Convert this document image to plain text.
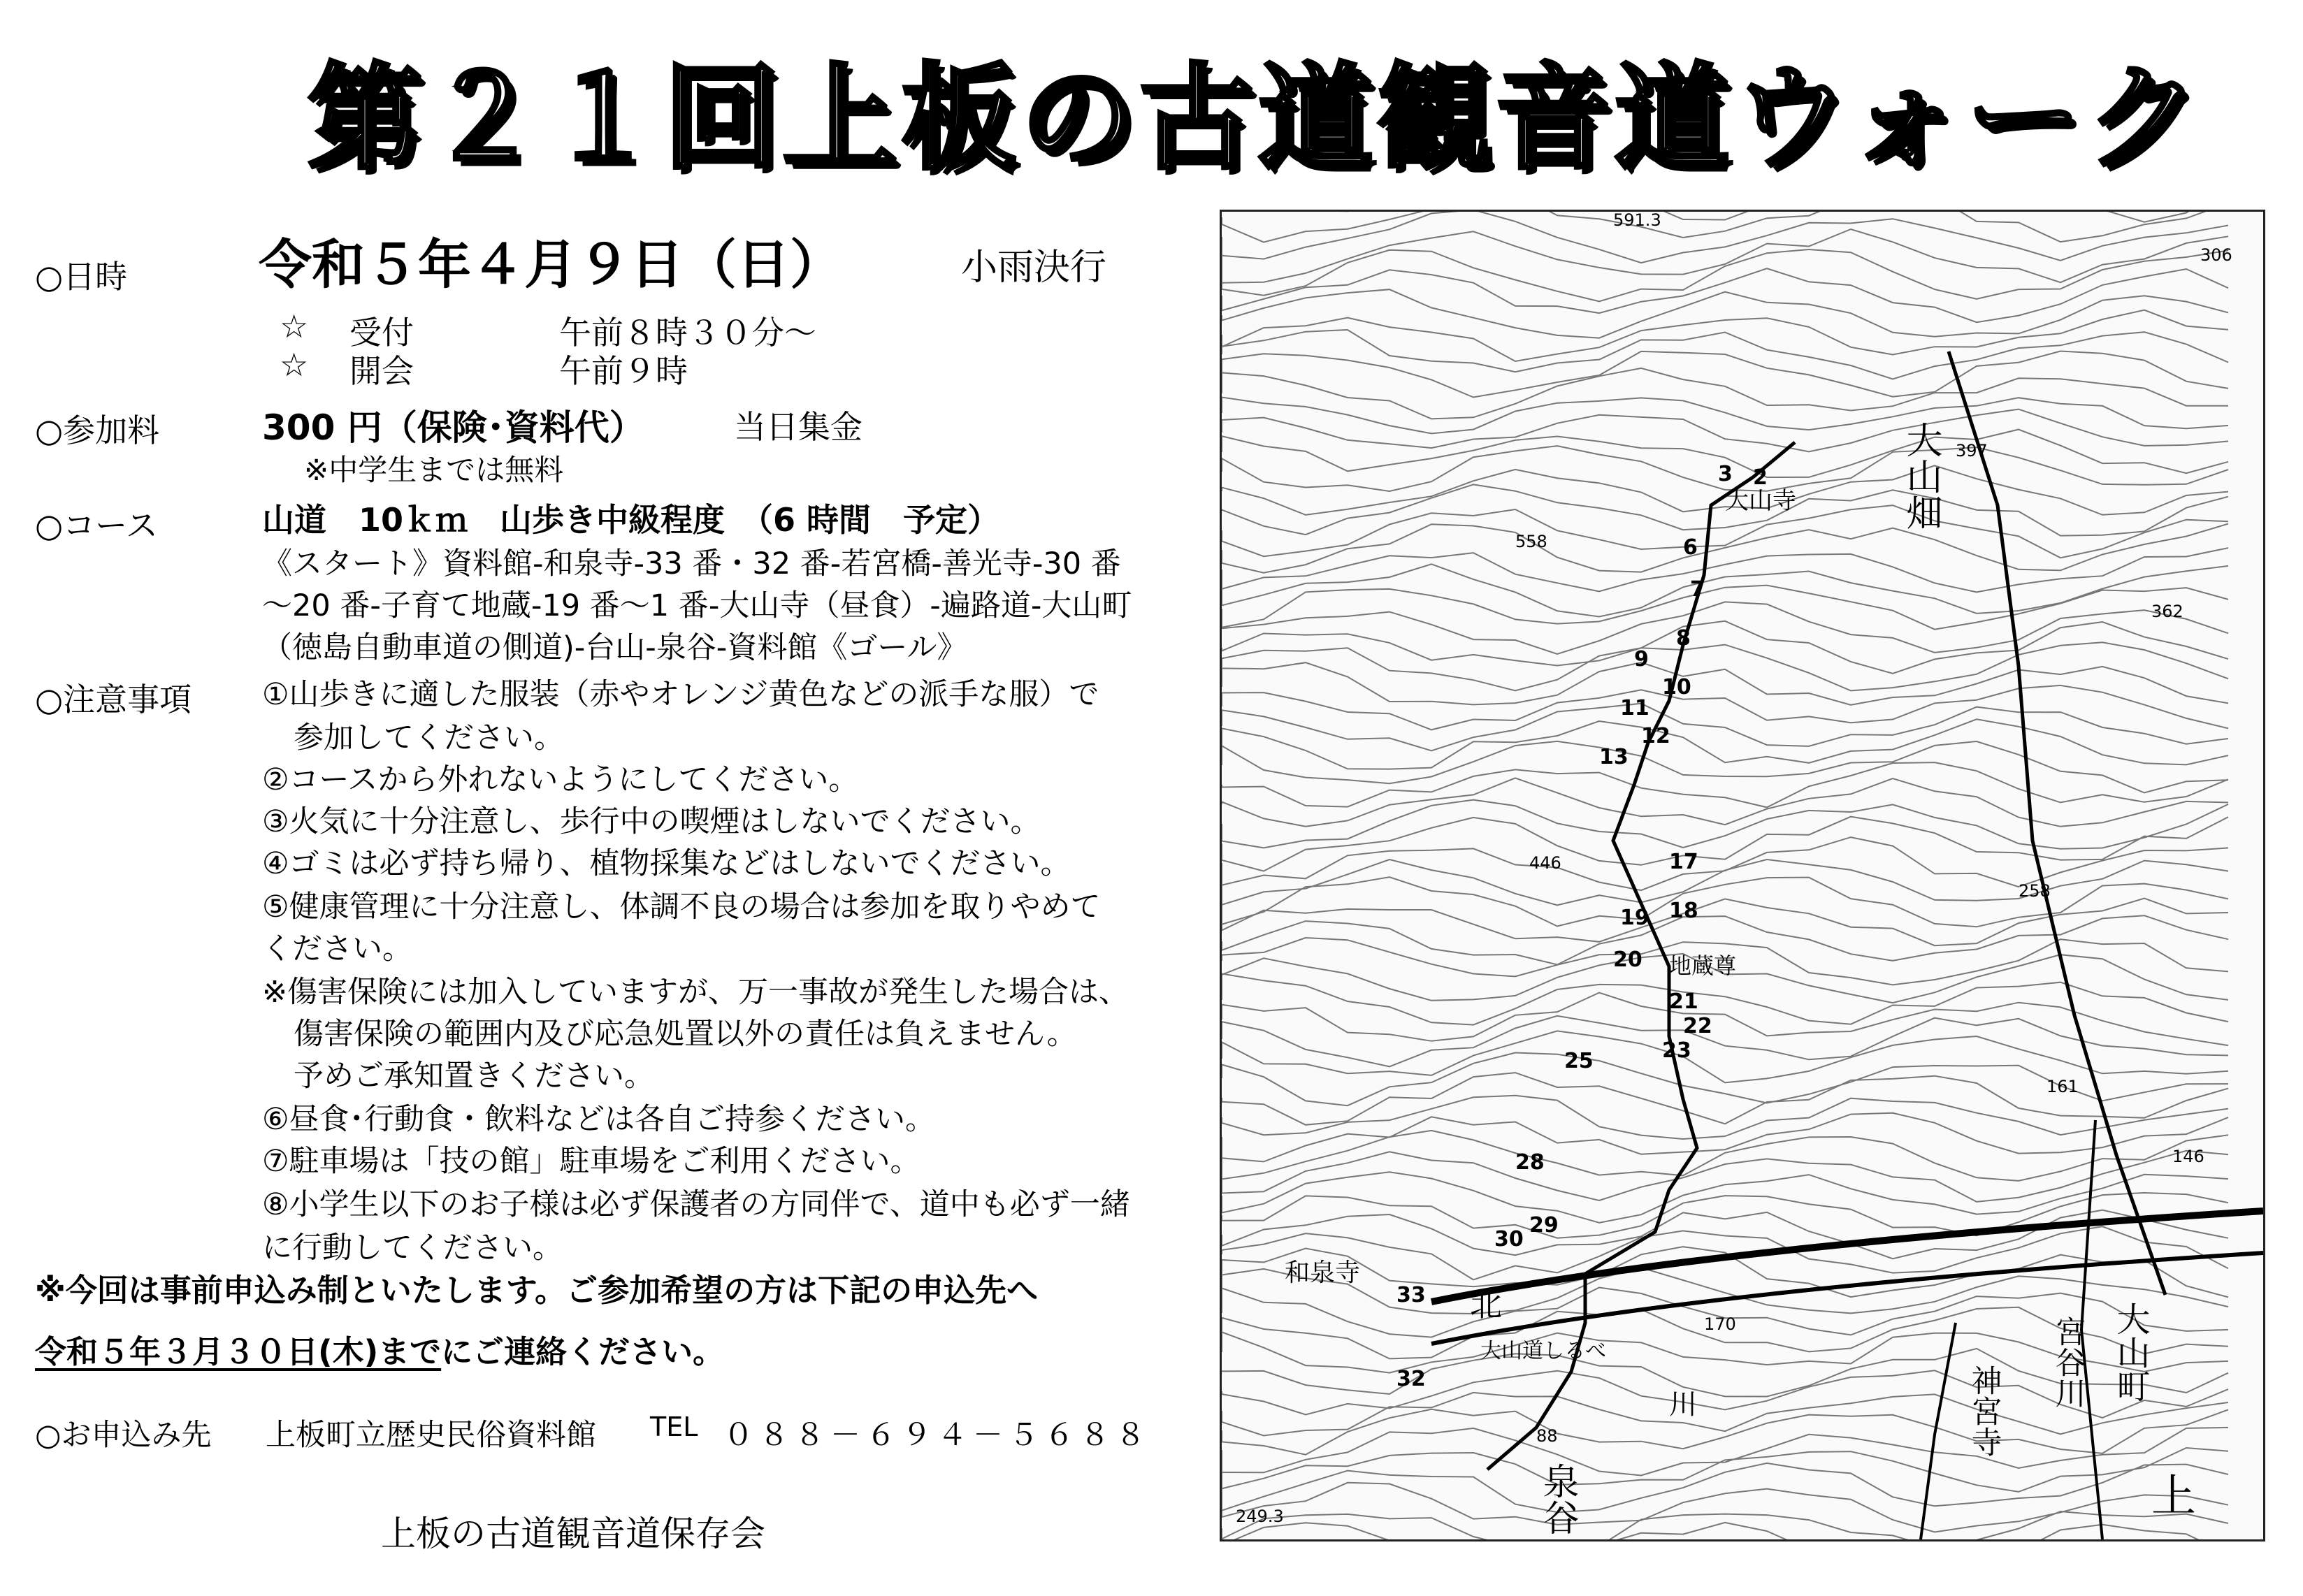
第２１回上板の古道観音道ウォーク
○日時 令和５年４月９日（日）	小雨決行
☆ 受付	午前８時３０分～
☆ 開会	午前９時
○参加料	300 円（保険･資料代）	当日集金
※中学生までは無料
○コース	山道　10ｋｍ　山歩き中級程度　（6 時間　予定）
《スタート》資料館-和泉寺-33 番・32 番-若宮橋-善光寺-30 番
～20 番-子育て地蔵-19 番～1 番-大山寺（昼食）-遍路道-大山町
（徳島自動車道の側道)-台山-泉谷-資料館《ゴール》
○注意事項 ①山歩きに適した服装（赤やオレンジ黄色などの派手な服）で
参加してください。
②コースから外れないようにしてください。
③火気に十分注意し、歩行中の喫煙はしないでください。
④ゴミは必ず持ち帰り、植物採集などはしないでください。
⑤健康管理に十分注意し、体調不良の場合は参加を取りやめて
ください。
※傷害保険には加入していますが、万一事故が発生した場合は、
傷害保険の範囲内及び応急処置以外の責任は負えません。
予めご承知置きください。
⑥昼食･行動食・飲料などは各自ご持参ください。
⑦駐車場は「技の館」駐車場をご利用ください。
⑧小学生以下のお子様は必ず保護者の方同伴で、道中も必ず一緒
に行動してください。
※今回は事前申込み制といたします。ご参加希望の方は下記の申込先へ
令和５年３月３０日(木)までにご連絡ください。
○お申込み先 上板町立歴史民俗資料館 TEL ０８８－６９４－５６８８
上板の古道観音道保存会
大山寺	大山畑
地蔵尊
和泉寺
北
大山道しるべ
泉谷
神宮寺
大山町
宮谷川
上
川
558
446
397
362
258
161
146
170
88
249.3
306
591.3
2
3
6
7
8
9
10
11
12
13
17
18
19
20
21
22
23
25
28
29
30
32
33
